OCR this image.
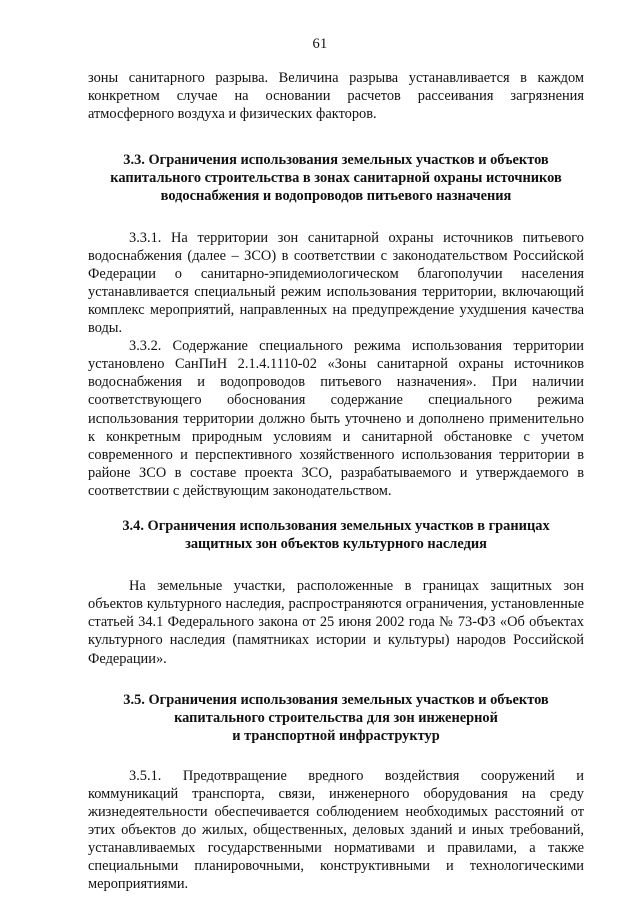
61

зоны санитарного разрыва. Величина разрыва устанавливается в каждом конкретном случае на основании расчетов рассеивания загрязнения атмосферного воздуха и физических факторов.

3.3. Ограничения использования земельных участков и объектов
капитального строительства в зонах санитарной охраны источников
водоснабжения и водопроводов питьевого назначения

3.3.1. На территории зон санитарной охраны источников питьевого водоснабжения (далее – ЗСО) в соответствии с законодательством Российской Федерации о санитарно-эпидемиологическом благополучии населения устанавливается специальный режим использования территории, включающий комплекс мероприятий, направленных на предупреждение ухудшения качества воды.

3.3.2. Содержание специального режима использования территории установлено СанПиН 2.1.4.1110-02 «Зоны санитарной охраны источников водоснабжения и водопроводов питьевого назначения». При наличии соответствующего обоснования содержание специального режима использования территории должно быть уточнено и дополнено применительно к конкретным природным условиям и санитарной обстановке с учетом современного и перспективного хозяйственного использования территории в районе ЗСО в составе проекта ЗСО, разрабатываемого и утверждаемого в соответствии с действующим законодательством.

3.4. Ограничения использования земельных участков в границах
защитных зон объектов культурного наследия

На земельные участки, расположенные в границах защитных зон объектов культурного наследия, распространяются ограничения, установленные статьей 34.1 Федерального закона от 25 июня 2002 года № 73-ФЗ «Об объектах культурного наследия (памятниках истории и культуры) народов Российской Федерации».

3.5. Ограничения использования земельных участков и объектов
капитального строительства для зон инженерной
и транспортной инфраструктур

3.5.1. Предотвращение вредного воздействия сооружений и коммуникаций транспорта, связи, инженерного оборудования на среду жизнедеятельности обеспечивается соблюдением необходимых расстояний от этих объектов до жилых, общественных, деловых зданий и иных требований, устанавливаемых государственными нормативами и правилами, а также специальными планировочными, конструктивными и технологическими мероприятиями.
